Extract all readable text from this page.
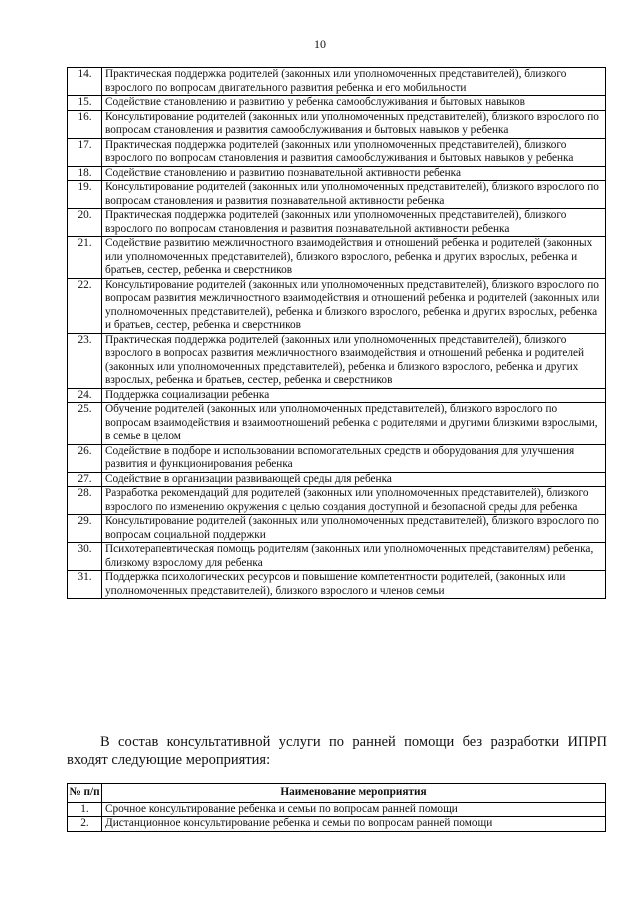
10
14.	Практическая поддержка родителей (законных или уполномоченных представителей), близкого взрослого по вопросам двигательного развития ребенка и его мобильности
15.	Содействие становлению и развитию у ребенка самообслуживания и бытовых навыков
16.	Консультирование родителей (законных или уполномоченных представителей), близкого взрослого по вопросам становления и развития самообслуживания и бытовых навыков у ребенка
17.	Практическая поддержка родителей (законных или уполномоченных представителей), близкого взрослого по вопросам становления и развития самообслуживания и бытовых навыков у ребенка
18.	Содействие становлению и развитию познавательной активности ребенка
19.	Консультирование родителей (законных или уполномоченных представителей), близкого взрослого по вопросам становления и развития познавательной активности ребенка
20.	Практическая поддержка родителей (законных или уполномоченных представителей), близкого взрослого по вопросам становления и развития познавательной активности ребенка
21.	Содействие развитию межличностного взаимодействия и отношений ребенка и родителей (законных или уполномоченных представителей), близкого взрослого, ребенка и других взрослых, ребенка и братьев, сестер, ребенка и сверстников
22.	Консультирование родителей (законных или уполномоченных представителей), близкого взрослого по вопросам развития межличностного взаимодействия и отношений ребенка и родителей (законных или уполномоченных представителей), ребенка и близкого взрослого, ребенка и других взрослых, ребенка и братьев, сестер, ребенка и сверстников
23.	Практическая поддержка родителей (законных или уполномоченных представителей), близкого взрослого в вопросах развития межличностного взаимодействия и отношений ребенка и родителей (законных или уполномоченных представителей), ребенка и близкого взрослого, ребенка и других взрослых, ребенка и братьев, сестер, ребенка и сверстников
24.	Поддержка социализации ребенка
25.	Обучение родителей (законных или уполномоченных представителей), близкого взрослого по вопросам взаимодействия и взаимоотношений ребенка с родителями и другими близкими взрослыми, в семье в целом
26.	Содействие в подборе и использовании вспомогательных средств и оборудования для улучшения развития и функционирования ребенка
27.	Содействие в организации развивающей среды для ребенка
28.	Разработка рекомендаций для родителей (законных или уполномоченных представителей), близкого взрослого по изменению окружения с целью создания доступной и безопасной среды для ребенка
29.	Консультирование родителей (законных или уполномоченных представителей), близкого взрослого по вопросам социальной поддержки
30.	Психотерапевтическая помощь родителям (законных или уполномоченных представителям) ребенка, близкому взрослому для ребенка
31.	Поддержка психологических ресурсов и повышение компетентности родителей, (законных или уполномоченных представителей), близкого взрослого и членов семьи
В состав консультативной услуги по ранней помощи без разработки ИПРП входят следующие мероприятия:
№ п/п	Наименование мероприятия
1.	Срочное консультирование ребенка и семьи по вопросам ранней помощи
2.	Дистанционное консультирование ребенка и семьи по вопросам ранней помощи
